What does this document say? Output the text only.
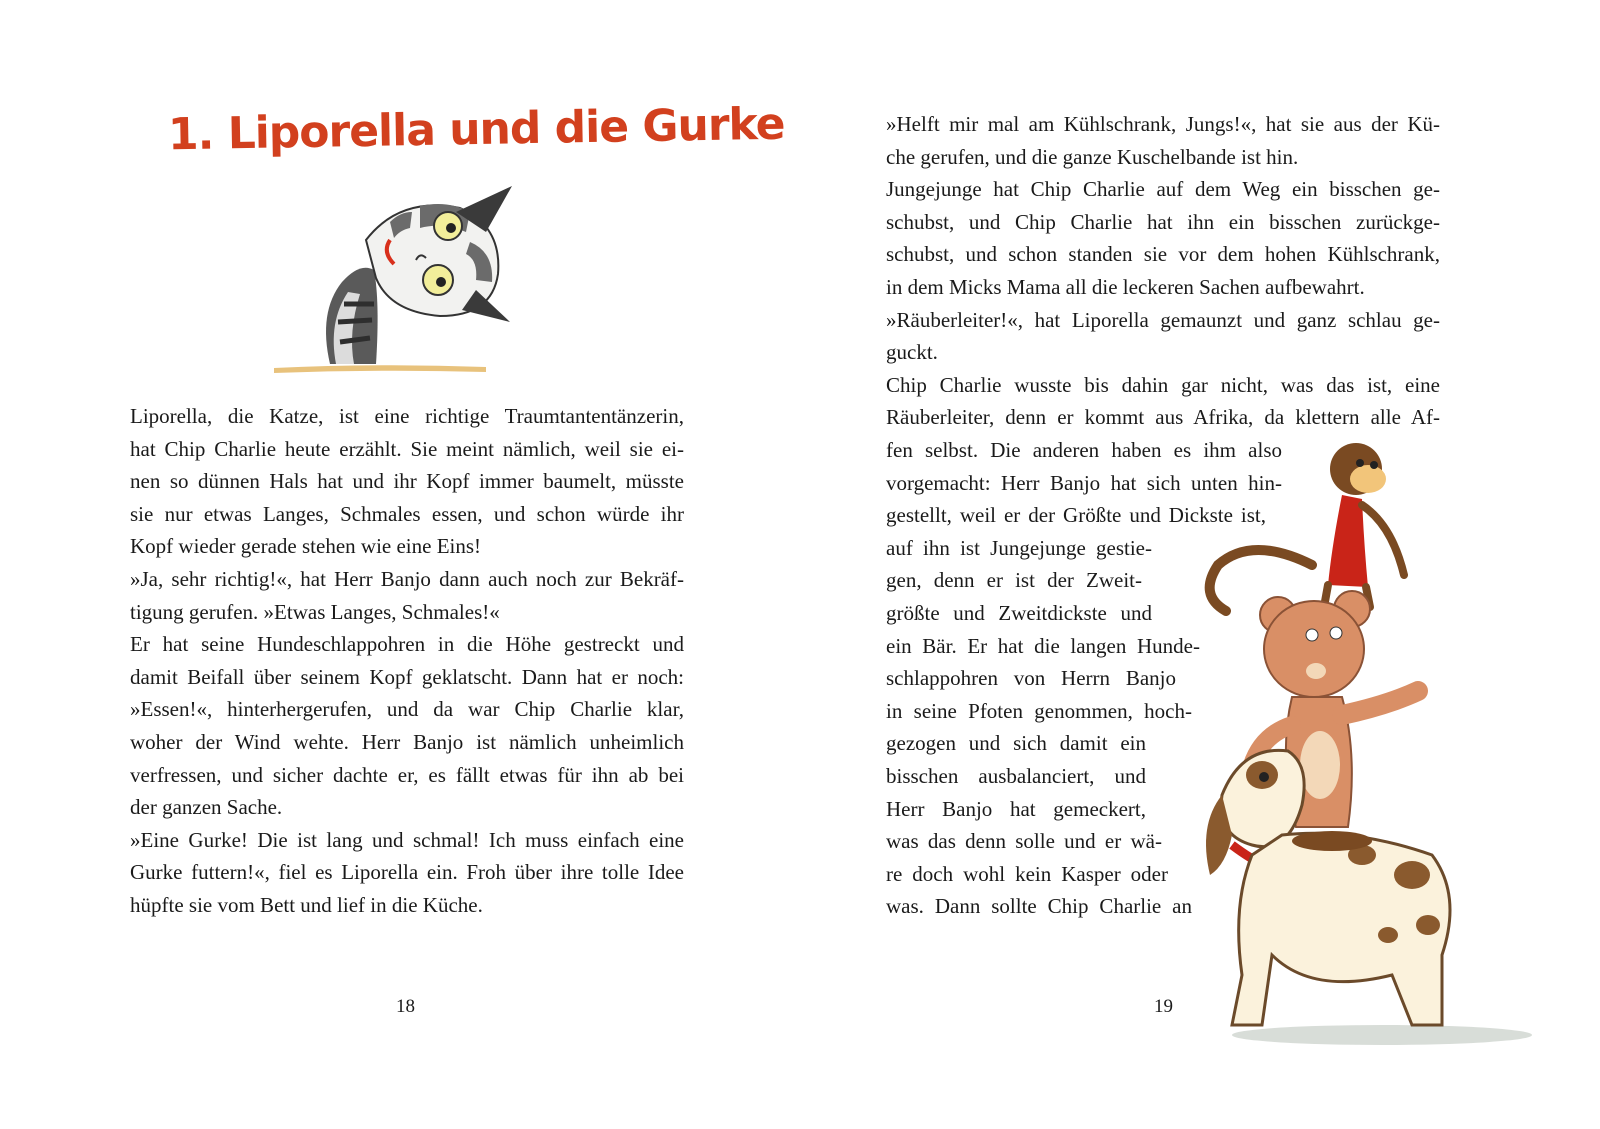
1. Liporella und die Gurke
Liporella, die Katze, ist eine richtige Traumtantentänzerin,
hat Chip Charlie heute erzählt. Sie meint nämlich, weil sie ei-
nen so dünnen Hals hat und ihr Kopf immer baumelt, müsste
sie nur etwas Langes, Schmales essen, und schon würde ihr
Kopf wieder gerade stehen wie eine Eins!
»Ja, sehr richtig!«, hat Herr Banjo dann auch noch zur Bekräf-
tigung gerufen. »Etwas Langes, Schmales!«
Er hat seine Hundeschlappohren in die Höhe gestreckt und
damit Beifall über seinem Kopf geklatscht. Dann hat er noch:
»Essen!«, hinterhergerufen, und da war Chip Charlie klar,
woher der Wind wehte. Herr Banjo ist nämlich unheimlich
verfressen, und sicher dachte er, es fällt etwas für ihn ab bei
der ganzen Sache.
»Eine Gurke! Die ist lang und schmal! Ich muss einfach eine
Gurke futtern!«, fiel es Liporella ein. Froh über ihre tolle Idee
hüpfte sie vom Bett und lief in die Küche.

18

»Helft mir mal am Kühlschrank, Jungs!«, hat sie aus der Kü-
che gerufen, und die ganze Kuschelbande ist hin.
Jungejunge hat Chip Charlie auf dem Weg ein bisschen ge-
schubst, und Chip Charlie hat ihn ein bisschen zurückge-
schubst, und schon standen sie vor dem hohen Kühlschrank,
in dem Micks Mama all die leckeren Sachen aufbewahrt.
»Räuberleiter!«, hat Liporella gemaunzt und ganz schlau ge-
guckt.
Chip Charlie wusste bis dahin gar nicht, was das ist, eine
Räuberleiter, denn er kommt aus Afrika, da klettern alle Af-
fen selbst. Die anderen haben es ihm also
vorgemacht: Herr Banjo hat sich unten hin-
gestellt, weil er der Größte und Dickste ist,
auf ihn ist Jungejunge gestie-
gen, denn er ist der Zweit-
größte und Zweitdickste und
ein Bär. Er hat die langen Hunde-
schlappohren von Herrn Banjo
in seine Pfoten genommen, hoch-
gezogen und sich damit ein
bisschen ausbalanciert, und
Herr Banjo hat gemeckert,
was das denn solle und er wä-
re doch wohl kein Kasper oder
was. Dann sollte Chip Charlie an

19
